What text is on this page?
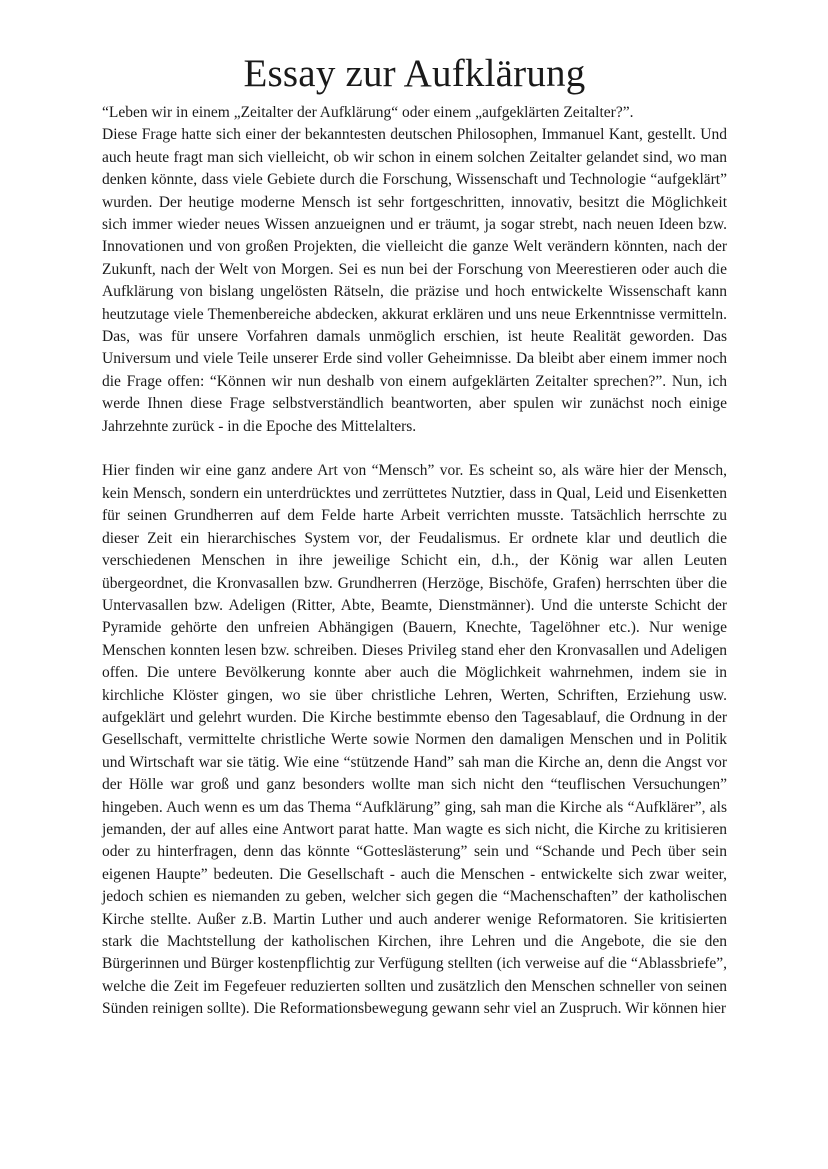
Essay zur Aufklärung

“Leben wir in einem „Zeitalter der Aufklärung“ oder einem „aufgeklärten Zeitalter?”.

Diese Frage hatte sich einer der bekanntesten deutschen Philosophen, Immanuel Kant, gestellt. Und auch heute fragt man sich vielleicht, ob wir schon in einem solchen Zeitalter gelandet sind, wo man denken könnte, dass viele Gebiete durch die Forschung, Wissenschaft und Technologie “aufgeklärt” wurden. Der heutige moderne Mensch ist sehr fortgeschritten, innovativ, besitzt die Möglichkeit sich immer wieder neues Wissen anzueignen und er träumt, ja sogar strebt, nach neuen Ideen bzw. Innovationen und von großen Projekten, die vielleicht die ganze Welt verändern könnten, nach der Zukunft, nach der Welt von Morgen. Sei es nun bei der Forschung von Meerestieren oder auch die Aufklärung von bislang ungelösten Rätseln, die präzise und hoch entwickelte Wissenschaft kann heutzutage viele Themenbereiche abdecken, akkurat erklären und uns neue Erkenntnisse vermitteln. Das, was für unsere Vorfahren damals unmöglich erschien, ist heute Realität geworden. Das Universum und viele Teile unserer Erde sind voller Geheimnisse. Da bleibt aber einem immer noch die Frage offen: “Können wir nun deshalb von einem aufgeklärten Zeitalter sprechen?”. Nun, ich werde Ihnen diese Frage selbstverständlich beantworten, aber spulen wir zunächst noch einige Jahrzehnte zurück - in die Epoche des Mittelalters.

Hier finden wir eine ganz andere Art von “Mensch” vor. Es scheint so, als wäre hier der Mensch, kein Mensch, sondern ein unterdrücktes und zerrüttetes Nutztier, dass in Qual, Leid und Eisenketten für seinen Grundherren auf dem Felde harte Arbeit verrichten musste. Tatsächlich herrschte zu dieser Zeit ein hierarchisches System vor, der Feudalismus. Er ordnete klar und deutlich die verschiedenen Menschen in ihre jeweilige Schicht ein, d.h., der König war allen Leuten übergeordnet, die Kronvasallen bzw. Grundherren (Herzöge, Bischöfe, Grafen) herrschten über die Untervasallen bzw. Adeligen (Ritter, Abte, Beamte, Dienstmänner). Und die unterste Schicht der Pyramide gehörte den unfreien Abhängigen (Bauern, Knechte, Tagelöhner etc.). Nur wenige Menschen konnten lesen bzw. schreiben. Dieses Privileg stand eher den Kronvasallen und Adeligen offen. Die untere Bevölkerung konnte aber auch die Möglichkeit wahrnehmen, indem sie in kirchliche Klöster gingen, wo sie über christliche Lehren, Werten, Schriften, Erziehung usw. aufgeklärt und gelehrt wurden. Die Kirche bestimmte ebenso den Tagesablauf, die Ordnung in der Gesellschaft, vermittelte christliche Werte sowie Normen den damaligen Menschen und in Politik und Wirtschaft war sie tätig. Wie eine “stützende Hand” sah man die Kirche an, denn die Angst vor der Hölle war groß und ganz besonders wollte man sich nicht den “teuflischen Versuchungen” hingeben. Auch wenn es um das Thema “Aufklärung” ging, sah man die Kirche als “Aufklärer”, als jemanden, der auf alles eine Antwort parat hatte. Man wagte es sich nicht, die Kirche zu kritisieren oder zu hinterfragen, denn das könnte “Gotteslästerung” sein und “Schande und Pech über sein eigenen Haupte” bedeuten. Die Gesellschaft - auch die Menschen - entwickelte sich zwar weiter, jedoch schien es niemanden zu geben, welcher sich gegen die “Machenschaften” der katholischen Kirche stellte. Außer z.B. Martin Luther und auch anderer wenige Reformatoren. Sie kritisierten stark die Machtstellung der katholischen Kirchen, ihre Lehren und die Angebote, die sie den Bürgerinnen und Bürger kostenpflichtig zur Verfügung stellten (ich verweise auf die “Ablassbriefe”, welche die Zeit im Fegefeuer reduzierten sollten und zusätzlich den Menschen schneller von seinen Sünden reinigen sollte). Die Reformationsbewegung gewann sehr viel an Zuspruch. Wir können hier
